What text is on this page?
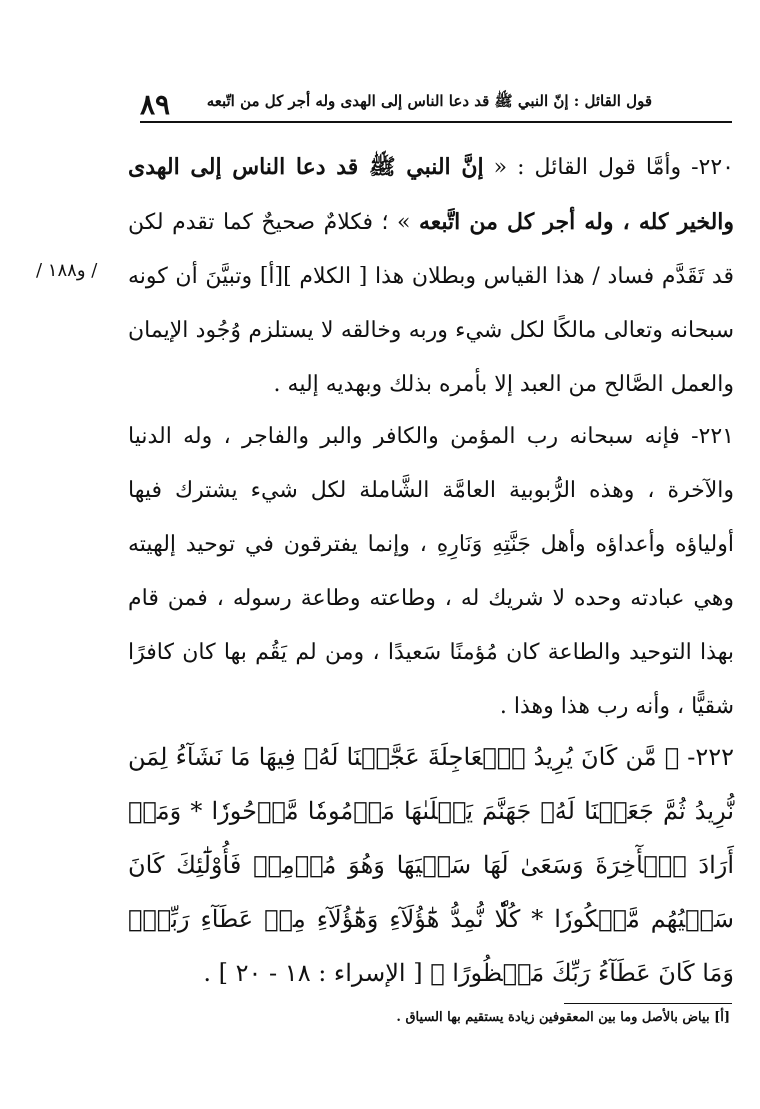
٨٩ قول القائل : إنّ النبي ﷺ قد دعا الناس إلى الهدى وله أجر كل من اتّبعه
/ و١٨٨ /

٢٢٠- وأمَّا قول القائل : « إنَّ النبي ﷺ قد دعا الناس إلى الهدى والخير كله ، وله أجر كل من اتَّبعه » ؛ فكلامٌ صحيحٌ كما تقدم لكن قد تَقَدَّم فساد / هذا القياس وبطلان هذا [ الكلام ][أ] وتبيَّنَ أن كونه سبحانه وتعالى مالكًا لكل شيء وربه وخالقه لا يستلزم وُجُود الإيمان والعمل الصَّالح من العبد إلا بأمره بذلك وبهديه إليه .

٢٢١- فإنه سبحانه رب المؤمن والكافر والبر والفاجر ، وله الدنيا والآخرة ، وهذه الرُّبوبية العامَّة الشَّاملة لكل شيء يشترك فيها أولياؤه وأعداؤه وأهل جَنَّتِهِ وَنَارِهِ ، وإنما يفترقون في توحيد إلهيته وهي عبادته وحده لا شريك له ، وطاعته وطاعة رسوله ، فمن قام بهذا التوحيد والطاعة كان مُؤمنًا سَعيدًا ، ومن لم يَقُم بها كان كافرًا شقيًّا ، وأنه رب هذا وهذا .

٢٢٢- ﴿ مَّن كَانَ يُرِيدُ ٱلۡعَاجِلَةَ عَجَّلۡنَا لَهُۥ فِيهَا مَا نَشَآءُ لِمَن نُّرِيدُ ثُمَّ جَعَلۡنَا لَهُۥ جَهَنَّمَ يَصۡلَىٰهَا مَذۡمُومٗا مَّدۡحُورٗا * وَمَنۡ أَرَادَ ٱلۡأٓخِرَةَ وَسَعَىٰ لَهَا سَعۡيَهَا وَهُوَ مُؤۡمِنٞ فَأُوْلَٰٓئِكَ كَانَ سَعۡيُهُم مَّشۡكُورٗا * كُلّٗا نُّمِدُّ هَٰٓؤُلَآءِ وَهَٰٓؤُلَآءِ مِنۡ عَطَآءِ رَبِّكَۚ وَمَا كَانَ عَطَآءُ رَبِّكَ مَحۡظُورًا ﴾ [ الإسراء : ١٨ - ٢٠ ] .

[أ] بياض بالأصل وما بين المعقوفين زيادة يستقيم بها السياق .
